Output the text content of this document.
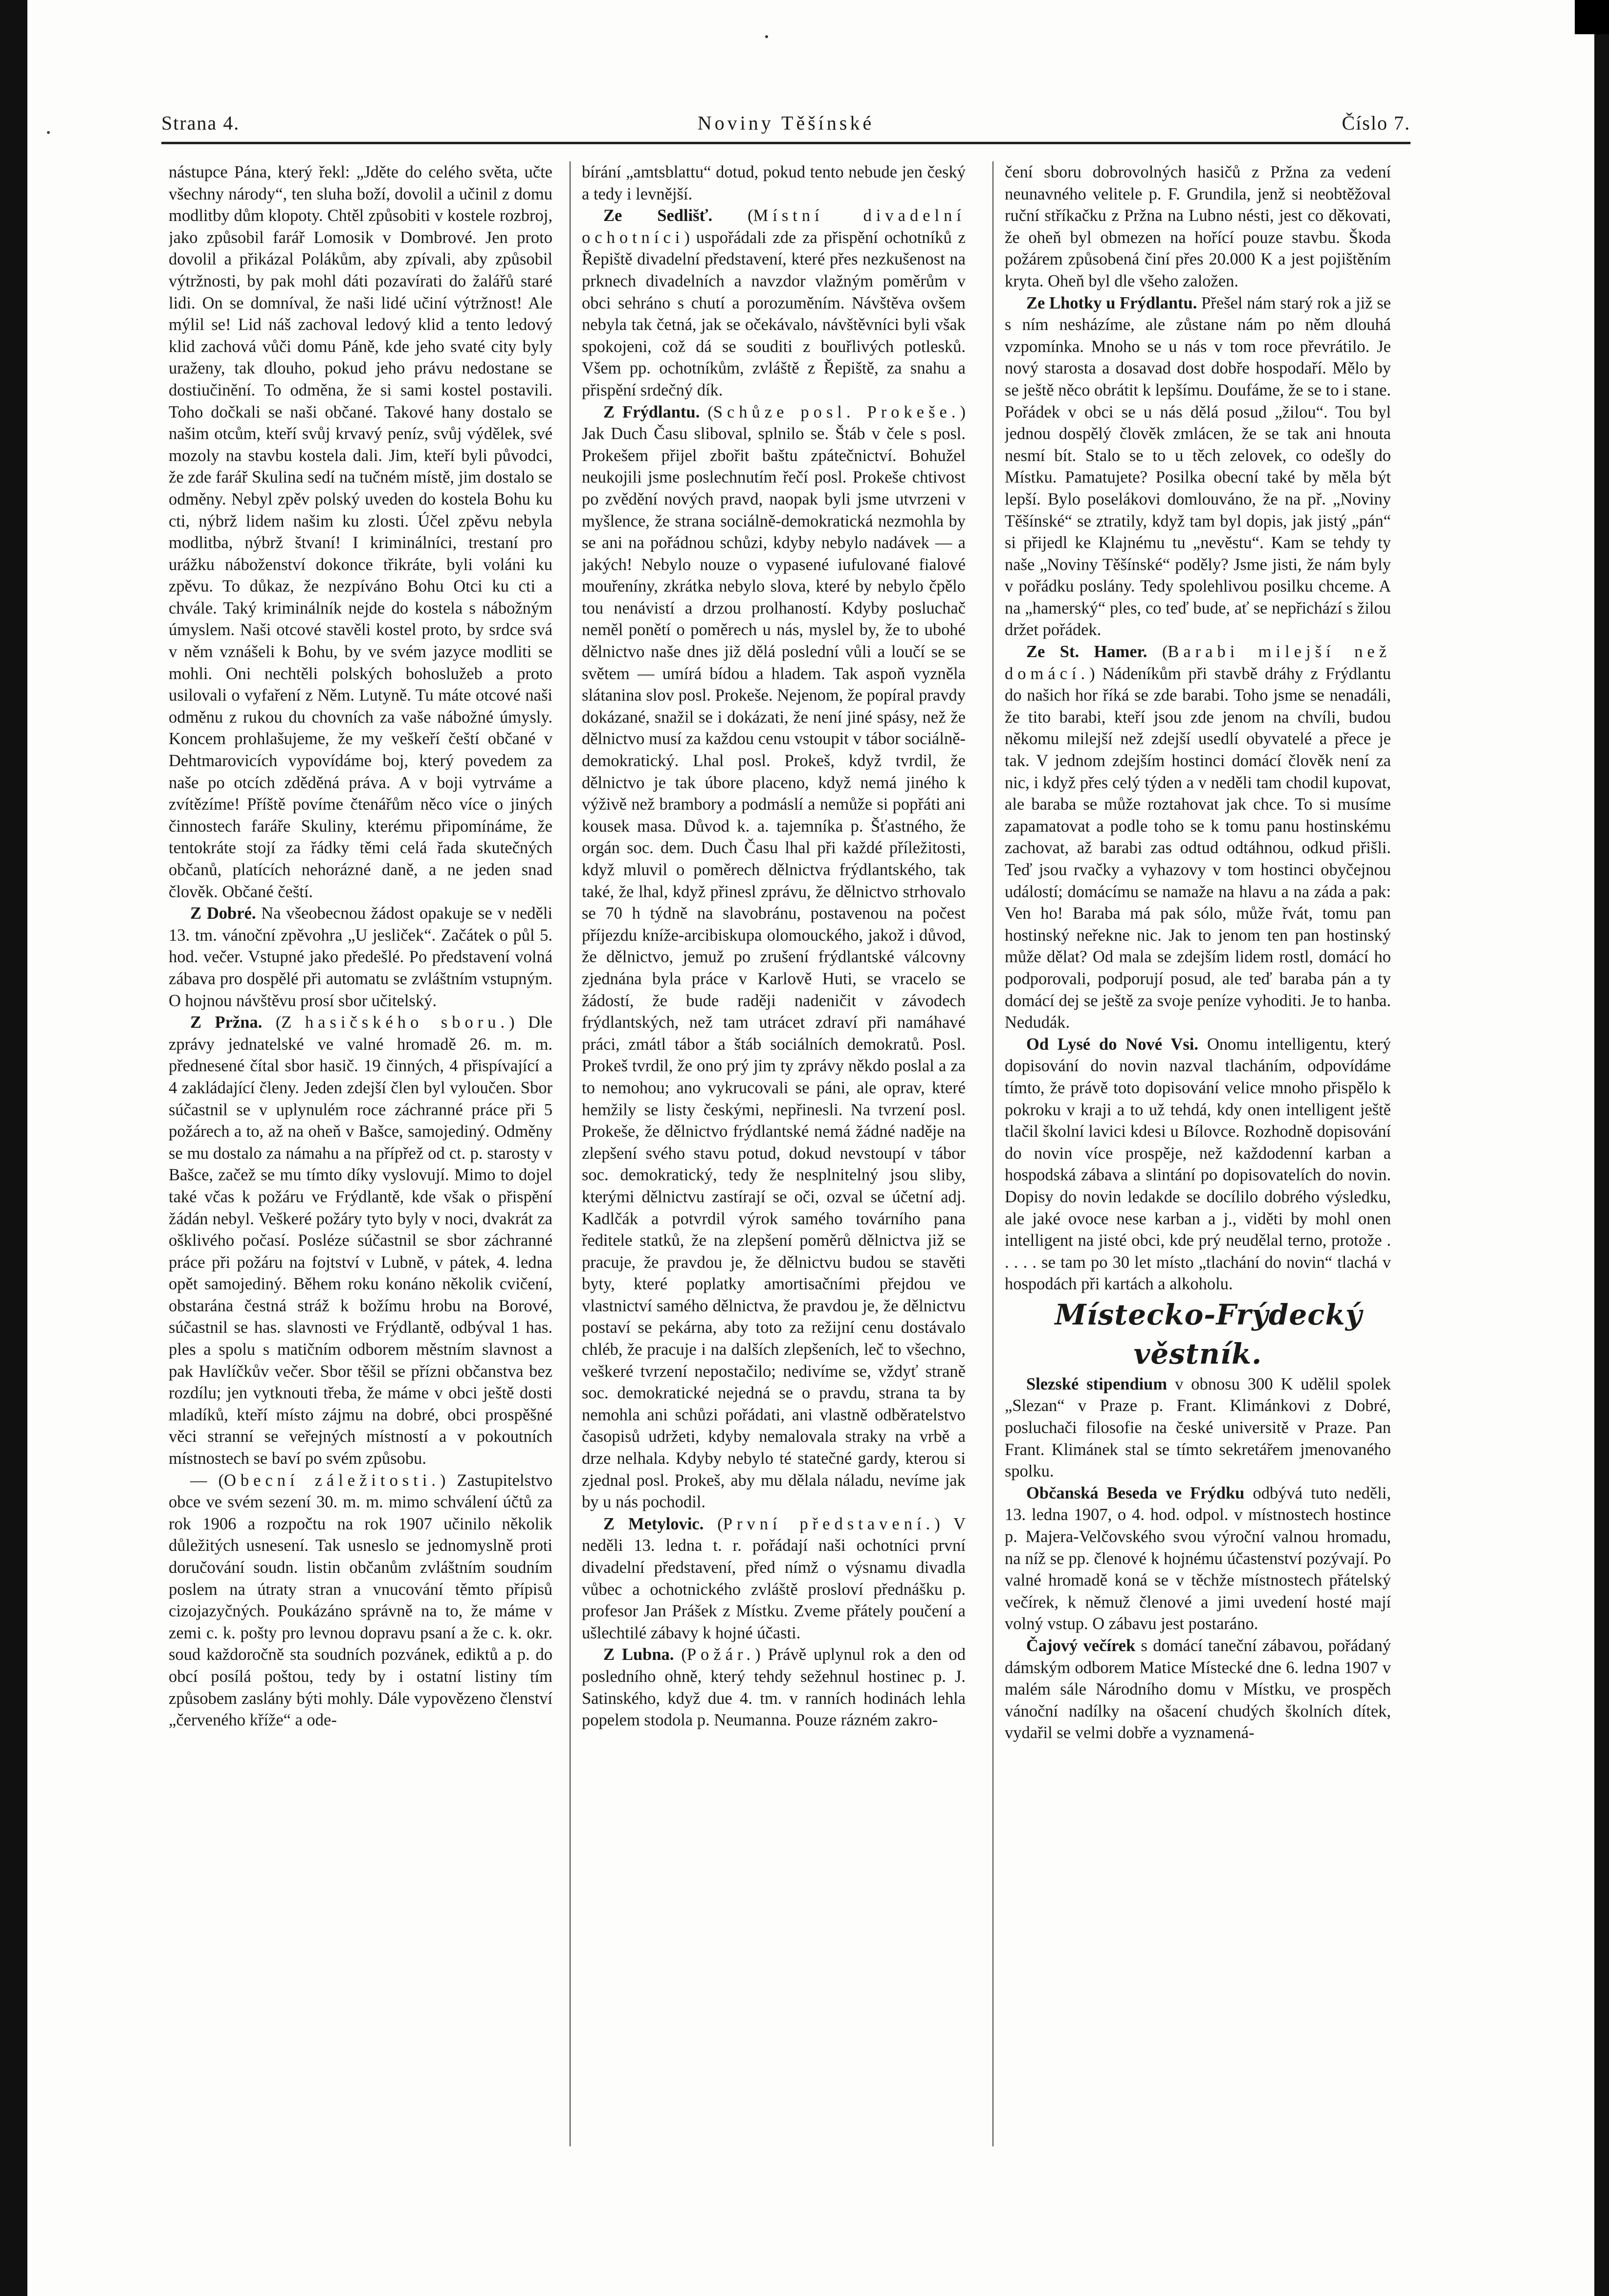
Strana 4.	Noviny Těšínské	Číslo 7.

nástupce Pána, který řekl: „Jděte do celého světa, učte všechny národy“, ten sluha boží, dovolil a učinil z domu modlitby dům klopoty. Chtěl způsobiti v kostele rozbroj, jako způsobil farář Lomosik v Dombrové. Jen proto dovolil a přikázal Polákům, aby zpívali, aby způsobil výtržnosti, by pak mohl dáti pozavírati do žalářů staré lidi. On se domníval, že naši lidé učiní výtržnost! Ale mýlil se! Lid náš zachoval ledový klid a tento ledový klid zachová vůči domu Páně, kde jeho svaté city byly uraženy, tak dlouho, pokud jeho právu nedostane se dostiučinění. To odměna, že si sami kostel postavili. Toho dočkali se naši občané. Takové hany dostalo se našim otcům, kteří svůj krvavý peníz, svůj výdělek, své mozoly na stavbu kostela dali. Jim, kteří byli původci, že zde farář Skulina sedí na tučném místě, jim dostalo se odměny. Nebyl zpěv polský uveden do kostela Bohu ku cti, nýbrž lidem našim ku zlosti. Účel zpěvu nebyla modlitba, nýbrž štvaní! I kriminálníci, trestaní pro urážku náboženství dokonce třikráte, byli voláni ku zpěvu. To důkaz, že nezpíváno Bohu Otci ku cti a chvále. Taký kriminálník nejde do kostela s nábožným úmyslem. Naši otcové stavěli kostel proto, by srdce svá v něm vznášeli k Bohu, by ve svém jazyce modliti se mohli. Oni nechtěli polských bohoslužeb a proto usilovali o vyfaření z Něm. Lutyně. Tu máte otcové naši odměnu z rukou du chovních za vaše nábožné úmysly. Koncem prohlašujeme, že my veškeří čeští občané v Dehtmarovicích vypovídáme boj, který povedem za naše po otcích zděděná práva. A v boji vytrváme a zvítězíme! Příště povíme čtenářům něco více o jiných činnostech faráře Skuliny, kterému připomínáme, že tentokráte stojí za řádky těmi celá řada skutečných občanů, platících nehorázné daně, a ne jeden snad člověk. Občané čeští.

Z Dobré. Na všeobecnou žádost opakuje se v neděli 13. tm. vánoční zpěvohra „U jesliček“. Začátek o půl 5. hod. večer. Vstupné jako předešlé. Po představení volná zábava pro dospělé při automatu se zvláštním vstupným. O hojnou návštěvu prosí sbor učitelský.

Z Pržna. (Z hasičského sboru.) Dle zprávy jednatelské ve valné hromadě 26. m. m. přednesené čítal sbor hasič. 19 činných, 4 přispívající a 4 zakládající členy. Jeden zdejší člen byl vyloučen. Sbor súčastnil se v uplynulém roce záchranné práce při 5 požárech a to, až na oheň v Bašce, samojediný. Odměny se mu dostalo za námahu a na přípřež od ct. p. starosty v Bašce, začež se mu tímto díky vyslovují. Mimo to dojel také včas k požáru ve Frýdlantě, kde však o přispění žádán nebyl. Veškeré požáry tyto byly v noci, dvakrát za ošklivého počasí. Posléze súčastnil se sbor záchranné práce při požáru na fojtství v Lubně, v pátek, 4. ledna opět samojediný. Během roku konáno několik cvičení, obstarána čestná stráž k božímu hrobu na Borové, súčastnil se has. slavnosti ve Frýdlantě, odbýval 1 has. ples a spolu s matičním odborem městním slavnost a pak Havlíčkův večer. Sbor těšil se přízni občanstva bez rozdílu; jen vytknouti třeba, že máme v obci ještě dosti mladíků, kteří místo zájmu na dobré, obci prospěšné věci stranní se veřejných místností a v pokoutních místnostech se baví po svém způsobu.

— (Obecní záležitosti.) Zastupitelstvo obce ve svém sezení 30. m. m. mimo schválení účtů za rok 1906 a rozpočtu na rok 1907 učinilo několik důležitých usnesení. Tak usneslo se jednomyslně proti doručování soudn. listin občanům zvláštním soudním poslem na útraty stran a vnucování těmto přípisů cizojazyčných. Poukázáno správně na to, že máme v zemi c. k. pošty pro levnou dopravu psaní a že c. k. okr. soud každoročně sta soudních pozvánek, ediktů a p. do obcí posílá poštou, tedy by i ostatní listiny tím způsobem zaslány býti mohly. Dále vypovězeno členství „červeného kříže“ a ode-

bírání „amtsblattu“ dotud, pokud tento nebude jen český a tedy i levnější.

Ze Sedlišť. (Místní divadelní ochotníci) uspořádali zde za přispění ochotníků z Řepiště divadelní představení, které přes nezkušenost na prknech divadelních a navzdor vlažným poměrům v obci sehráno s chutí a porozuměním. Návštěva ovšem nebyla tak četná, jak se očekávalo, návštěvníci byli však spokojeni, což dá se souditi z bouřlivých potlesků. Všem pp. ochotníkům, zvláště z Řepiště, za snahu a přispění srdečný dík.

Z Frýdlantu. (Schůze posl. Prokeše.) Jak Duch Času sliboval, splnilo se. Štáb v čele s posl. Prokešem přijel zbořit baštu zpátečnictví. Bohužel neukojili jsme poslechnutím řečí posl. Prokeše chtivost po zvědění nových pravd, naopak byli jsme utvrzeni v myšlence, že strana sociálně-demokratická nezmohla by se ani na pořádnou schůzi, kdyby nebylo nadávek — a jakých! Nebylo nouze o vypasené iufulované fialové mouřeníny, zkrátka nebylo slova, které by nebylo čpělo tou nenávistí a drzou prolhaností. Kdyby posluchač neměl ponětí o poměrech u nás, myslel by, že to ubohé dělnictvo naše dnes již dělá poslední vůli a loučí se se světem — umírá bídou a hladem. Tak aspoň vyzněla slátanina slov posl. Prokeše. Nejenom, že popíral pravdy dokázané, snažil se i dokázati, že není jiné spásy, než že dělnictvo musí za každou cenu vstoupit v tábor sociálně-demokratický. Lhal posl. Prokeš, když tvrdil, že dělnictvo je tak úbore placeno, když nemá jiného k výživě než brambory a podmáslí a nemůže si popřáti ani kousek masa. Důvod k. a. tajemníka p. Šťastného, že orgán soc. dem. Duch Času lhal při každé příležitosti, když mluvil o poměrech dělnictva frýdlantského, tak také, že lhal, když přinesl zprávu, že dělnictvo strhovalo se 70 h týdně na slavobránu, postavenou na počest příjezdu kníže-arcibiskupa olomouckého, jakož i důvod, že dělnictvo, jemuž po zrušení frýdlantské válcovny zjednána byla práce v Karlově Huti, se vracelo se žádostí, že bude raději nadeničit v závodech frýdlantských, než tam utrácet zdraví při namáhavé práci, zmátl tábor a štáb sociálních demokratů. Posl. Prokeš tvrdil, že ono prý jim ty zprávy někdo poslal a za to nemohou; ano vykrucovali se páni, ale oprav, které hemžily se listy českými, nepřinesli. Na tvrzení posl. Prokeše, že dělnictvo frýdlantské nemá žádné naděje na zlepšení svého stavu potud, dokud nevstoupí v tábor soc. demokratický, tedy že nesplnitelný jsou sliby, kterými dělnictvu zastírají se oči, ozval se účetní adj. Kadlčák a potvrdil výrok samého továrního pana ředitele statků, že na zlepšení poměrů dělnictva již se pracuje, že pravdou je, že dělnictvu budou se stavěti byty, které poplatky amortisačními přejdou ve vlastnictví samého dělnictva, že pravdou je, že dělnictvu postaví se pekárna, aby toto za režijní cenu dostávalo chléb, že pracuje i na dalších zlepšeních, leč to všechno, veškeré tvrzení nepostačilo; nedivíme se, vždyť straně soc. demokratické nejedná se o pravdu, strana ta by nemohla ani schůzi pořádati, ani vlastně odběratelstvo časopisů udržeti, kdyby nemalovala straky na vrbě a drze nelhala. Kdyby nebylo té statečné gardy, kterou si zjednal posl. Prokeš, aby mu dělala náladu, nevíme jak by u nás pochodil.

Z Metylovic. (První představení.) V neděli 13. ledna t. r. pořádají naši ochotníci první divadelní představení, před nímž o výsnamu divadla vůbec a ochotnického zvláště prosloví přednášku p. profesor Jan Prášek z Místku. Zveme přátely poučení a ušlechtilé zábavy k hojné účasti.

Z Lubna. (Požár.) Právě uplynul rok a den od posledního ohně, který tehdy sežehnul hostinec p. J. Satinského, když due 4. tm. v ranních hodinách lehla popelem stodola p. Neumanna. Pouze rázném zakro-

čení sboru dobrovolných hasičů z Pržna za vedení neunavného velitele p. F. Grundila, jenž si neobtěžoval ruční stříkačku z Pržna na Lubno nésti, jest co děkovati, že oheň byl obmezen na hořící pouze stavbu. Škoda požárem způsobená činí přes 20.000 K a jest pojištěním kryta. Oheň byl dle všeho založen.

Ze Lhotky u Frýdlantu. Přešel nám starý rok a již se s ním nesházíme, ale zůstane nám po něm dlouhá vzpomínka. Mnoho se u nás v tom roce převrátilo. Je nový starosta a dosavad dost dobře hospodaří. Mělo by se ještě něco obrátit k lepšímu. Doufáme, že se to i stane. Pořádek v obci se u nás dělá posud „žilou“. Tou byl jednou dospělý člověk zmlácen, že se tak ani hnouta nesmí bít. Stalo se to u těch zelovek, co odešly do Místku. Pamatujete? Posilka obecní také by měla být lepší. Bylo poselákovi domlouváno, že na př. „Noviny Těšínské“ se ztratily, když tam byl dopis, jak jistý „pán“ si přijedl ke Klajnému tu „nevěstu“. Kam se tehdy ty naše „Noviny Těšínské“ poděly? Jsme jisti, že nám byly v pořádku poslány. Tedy spolehlivou posilku chceme. A na „hamerský“ ples, co teď bude, ať se nepřichází s žilou držet pořádek.

Ze St. Hamer. (Barabi milejší než domácí.) Nádeníkům při stavbě dráhy z Frýdlantu do našich hor říká se zde barabi. Toho jsme se nenadáli, že tito barabi, kteří jsou zde jenom na chvíli, budou někomu milejší než zdejší usedlí obyvatelé a přece je tak. V jednom zdejším hostinci domácí člověk není za nic, i když přes celý týden a v neděli tam chodil kupovat, ale baraba se může roztahovat jak chce. To si musíme zapamatovat a podle toho se k tomu panu hostinskému zachovat, až barabi zas odtud odtáhnou, odkud přišli. Teď jsou rvačky a vyhazovy v tom hostinci obyčejnou událostí; domácímu se namaže na hlavu a na záda a pak: Ven ho! Baraba má pak sólo, může řvát, tomu pan hostinský neřekne nic. Jak to jenom ten pan hostinský může dělat? Od mala se zdejším lidem rostl, domácí ho podporovali, podporují posud, ale teď baraba pán a ty domácí dej se ještě za svoje peníze vyhoditi. Je to hanba. Nedudák.

Od Lysé do Nové Vsi. Onomu intelligentu, který dopisování do novin nazval tlacháním, odpovídáme tímto, že právě toto dopisování velice mnoho přispělo k pokroku v kraji a to už tehdá, kdy onen intelligent ještě tlačil školní lavici kdesi u Bílovce. Rozhodně dopisování do novin více prospěje, než každodenní karban a hospodská zábava a slintání po dopisovatelích do novin. Dopisy do novin ledakde se docílilo dobrého výsledku, ale jaké ovoce nese karban a j., viděti by mohl onen intelligent na jisté obci, kde prý neudělal terno, protože . . . . . se tam po 30 let místo „tlachání do novin“ tlachá v hospodách při kartách a alkoholu.

Místecko-Frýdecký věstník.

Slezské stipendium v obnosu 300 K udělil spolek „Slezan“ v Praze p. Frant. Klimánkovi z Dobré, posluchači filosofie na české universitě v Praze. Pan Frant. Klimánek stal se tímto sekretářem jmenovaného spolku.

Občanská Beseda ve Frýdku odbývá tuto neděli, 13. ledna 1907, o 4. hod. odpol. v místnostech hostince p. Majera-Velčovského svou výroční valnou hromadu, na níž se pp. členové k hojnému účastenství pozývají. Po valné hromadě koná se v těchže místnostech přátelský večírek, k němuž členové a jimi uvedení hosté mají volný vstup. O zábavu jest postaráno.

Čajový večírek s domácí taneční zábavou, pořádaný dámským odborem Matice Místecké dne 6. ledna 1907 v malém sále Národního domu v Místku, ve prospěch vánoční nadílky na ošacení chudých školních dítek, vydařil se velmi dobře a vyznamená-
